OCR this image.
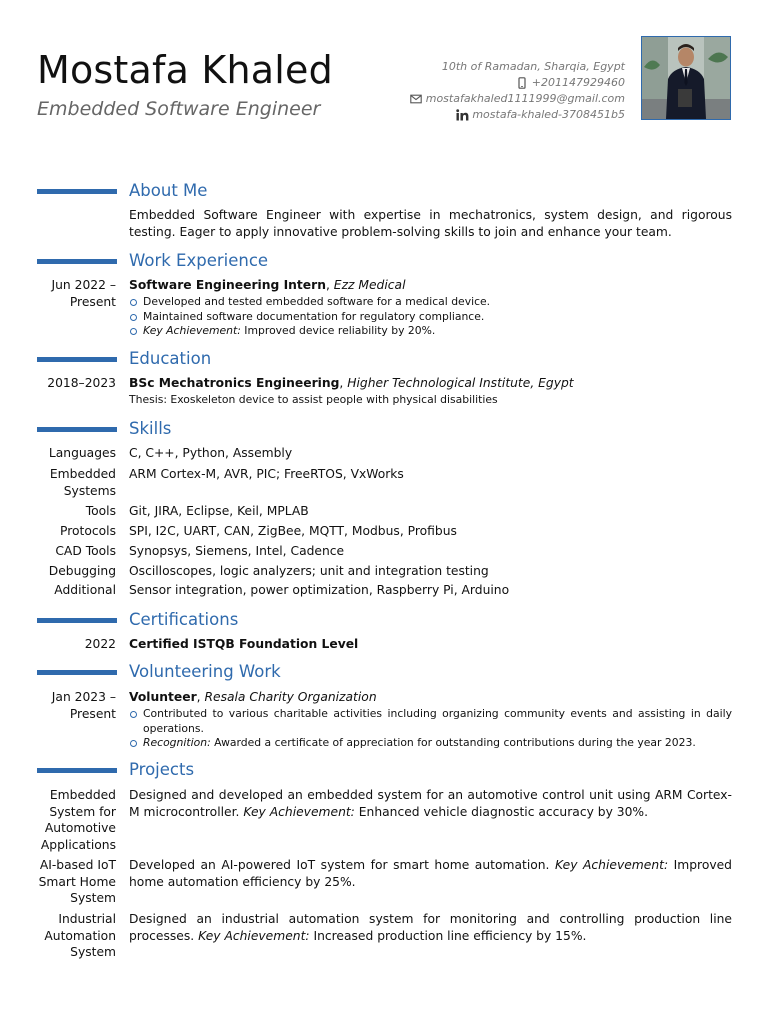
Mostafa Khaled
Embedded Software Engineer
10th of Ramadan, Sharqia, Egypt
+201147929460
mostafakhaled1111999@gmail.com
mostafa-khaled-3708451b5
About Me
Embedded Software Engineer with expertise in mechatronics, system design, and rigorous testing. Eager to apply innovative problem-solving skills to join and enhance your team.
Work Experience
Jun 2022 –
Present
Software Engineering Intern, Ezz Medical
Developed and tested embedded software for a medical device.
Maintained software documentation for regulatory compliance.
Key Achievement: Improved device reliability by 20%.
Education
2018–2023 BSc Mechatronics Engineering, Higher Technological Institute, Egypt
Thesis: Exoskeleton device to assist people with physical disabilities
Skills
Languages C, C++, Python, Assembly
Embedded Systems
ARM Cortex-M, AVR, PIC; FreeRTOS, VxWorks
Tools Git, JIRA, Eclipse, Keil, MPLAB
Protocols SPI, I2C, UART, CAN, ZigBee, MQTT, Modbus, Profibus
CAD Tools Synopsys, Siemens, Intel, Cadence
Debugging Oscilloscopes, logic analyzers; unit and integration testing
Additional Sensor integration, power optimization, Raspberry Pi, Arduino
Certifications
2022 Certified ISTQB Foundation Level
Volunteering Work
Jan 2023 –
Present
Volunteer, Resala Charity Organization
Contributed to various charitable activities including organizing community events and assisting in daily operations.
Recognition: Awarded a certificate of appreciation for outstanding contributions during the year 2023.
Projects
Embedded System for Automotive Applications
Designed and developed an embedded system for an automotive control unit using ARM Cortex-M microcontroller. Key Achievement: Enhanced vehicle diagnostic accuracy by 30%.
AI-based IoT Smart Home System
Developed an AI-powered IoT system for smart home automation. Key Achievement: Improved home automation efficiency by 25%.
Industrial Automation System
Designed an industrial automation system for monitoring and controlling production line processes. Key Achievement: Increased production line efficiency by 15%.
